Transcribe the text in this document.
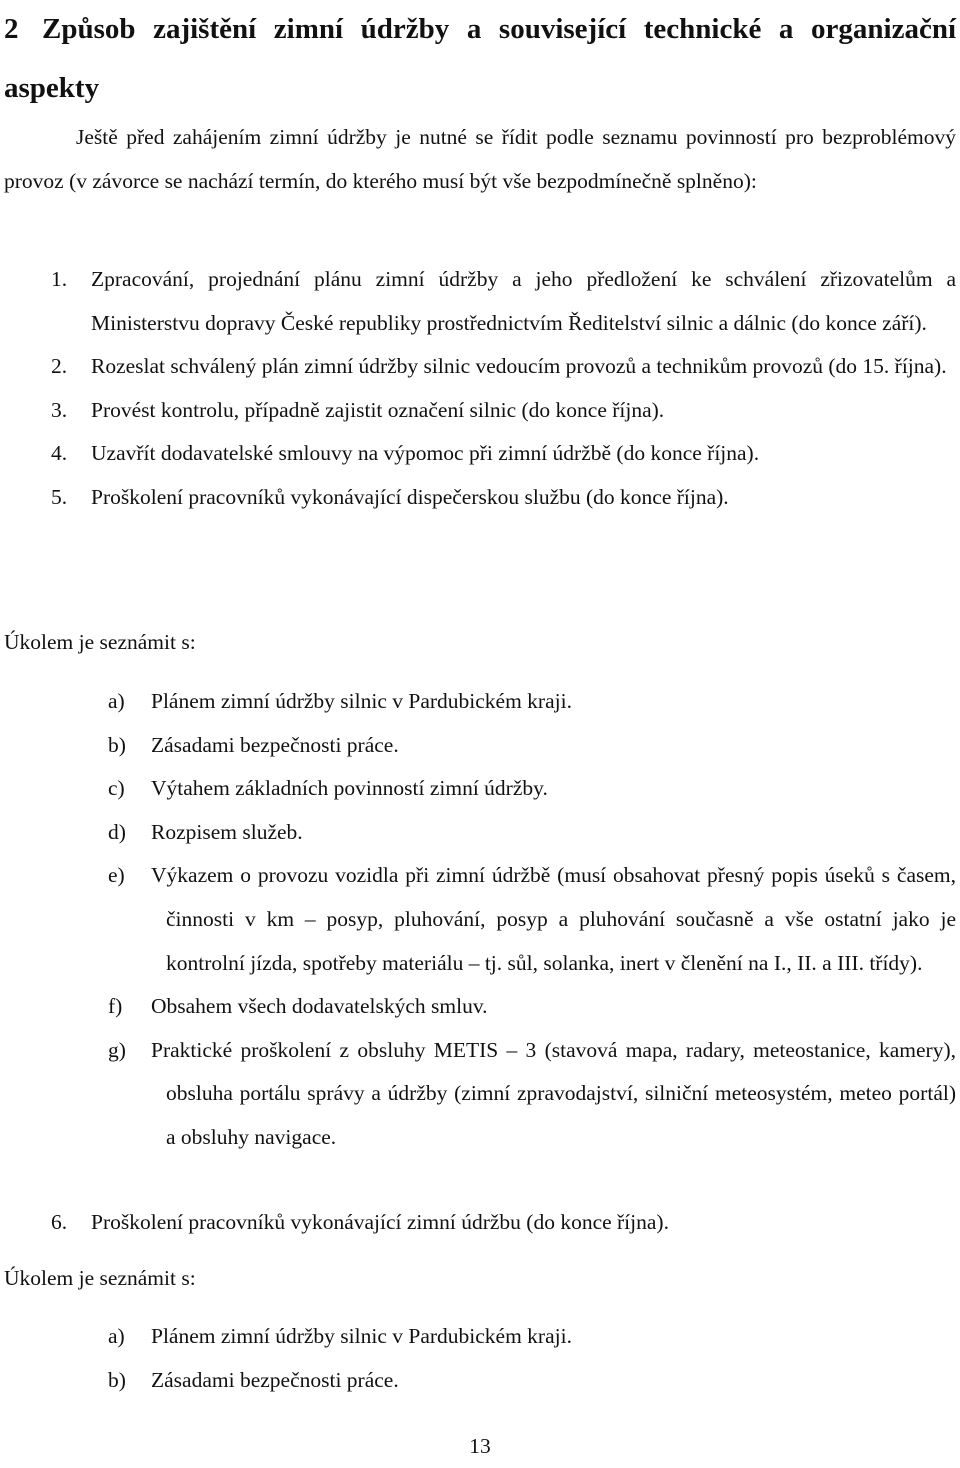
2 Způsob zajištění zimní údržby a související technické a organizační aspekty

Ještě před zahájením zimní údržby je nutné se řídit podle seznamu povinností pro bezproblémový provoz (v závorce se nachází termín, do kterého musí být vše bezpodmínečně splněno):

1. Zpracování, projednání plánu zimní údržby a jeho předložení ke schválení zřizovatelům a Ministerstvu dopravy České republiky prostřednictvím Ředitelství silnic a dálnic (do konce září).
2. Rozeslat schválený plán zimní údržby silnic vedoucím provozů a technikům provozů (do 15. října).
3. Provést kontrolu, případně zajistit označení silnic (do konce října).
4. Uzavřít dodavatelské smlouvy na výpomoc při zimní údržbě (do konce října).
5. Proškolení pracovníků vykonávající dispečerskou službu (do konce října).
Úkolem je seznámit s:
a) Plánem zimní údržby silnic v Pardubickém kraji.
b) Zásadami bezpečnosti práce.
c) Výtahem základních povinností zimní údržby.
d) Rozpisem služeb.
e) Výkazem o provozu vozidla při zimní údržbě (musí obsahovat přesný popis úseků s časem, činnosti v km – posyp, pluhování, posyp a pluhování současně a vše ostatní jako je kontrolní jízda, spotřeby materiálu – tj. sůl, solanka, inert v členění na I., II. a III. třídy).
f) Obsahem všech dodavatelských smluv.
g) Praktické proškolení z obsluhy METIS – 3 (stavová mapa, radary, meteostanice, kamery), obsluha portálu správy a údržby (zimní zpravodajství, silniční meteosystém, meteo portál) a obsluhy navigace.
6. Proškolení pracovníků vykonávající zimní údržbu (do konce října).
Úkolem je seznámit s:
a) Plánem zimní údržby silnic v Pardubickém kraji.
b) Zásadami bezpečnosti práce.
13
